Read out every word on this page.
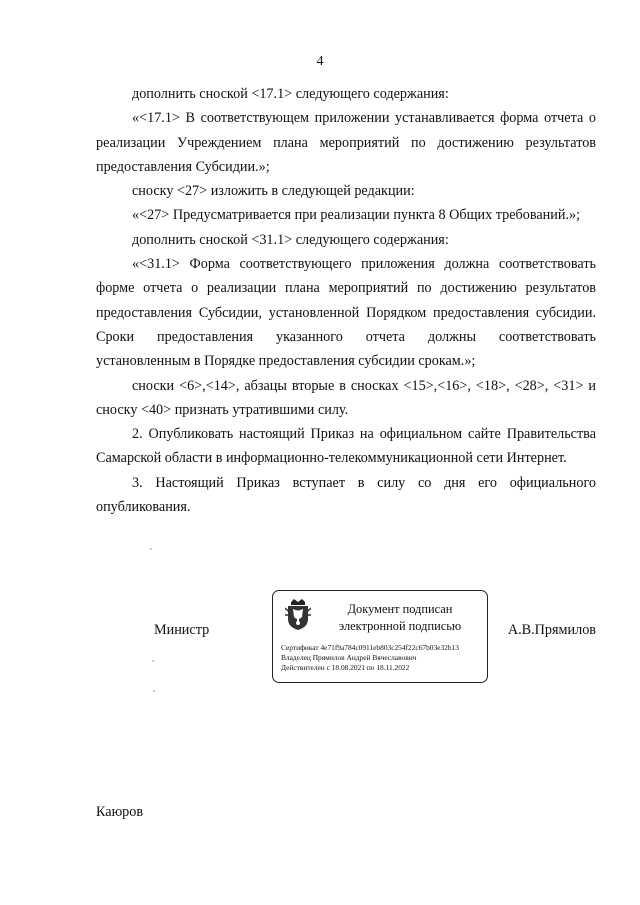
4

дополнить сноской <17.1> следующего содержания:

«<17.1> В соответствующем приложении устанавливается форма отчета о реализации Учреждением плана мероприятий по достижению результатов предоставления Субсидии.»;

сноску <27> изложить в следующей редакции:

«<27> Предусматривается при реализации пункта 8 Общих требований.»;

дополнить сноской <31.1> следующего содержания:

«<31.1> Форма соответствующего приложения должна соответствовать форме отчета о реализации плана мероприятий по достижению результатов предоставления Субсидии, установленной Порядком предоставления субсидии. Сроки предоставления указанного отчета должны соответствовать установленным в Порядке предоставления субсидии срокам.»;

сноски <6>,<14>, абзацы вторые в сносках <15>,<16>, <18>, <28>, <31> и сноску <40> признать утратившими силу.

2. Опубликовать настоящий Приказ на официальном сайте Правительства Самарской области в информационно-телекоммуникационной сети Интернет.

3. Настоящий Приказ вступает в силу со дня его официального опубликования.

Министр
Документ подписан
электронной подписью
Сертификат 4e71f9a784c0911eb803c254f22c67b03e32b13
Владелец Прямилов Андрей Вячеславович
Действителен с 18.08.2021 по 18.11.2022
А.В.Прямилов
Каюров
